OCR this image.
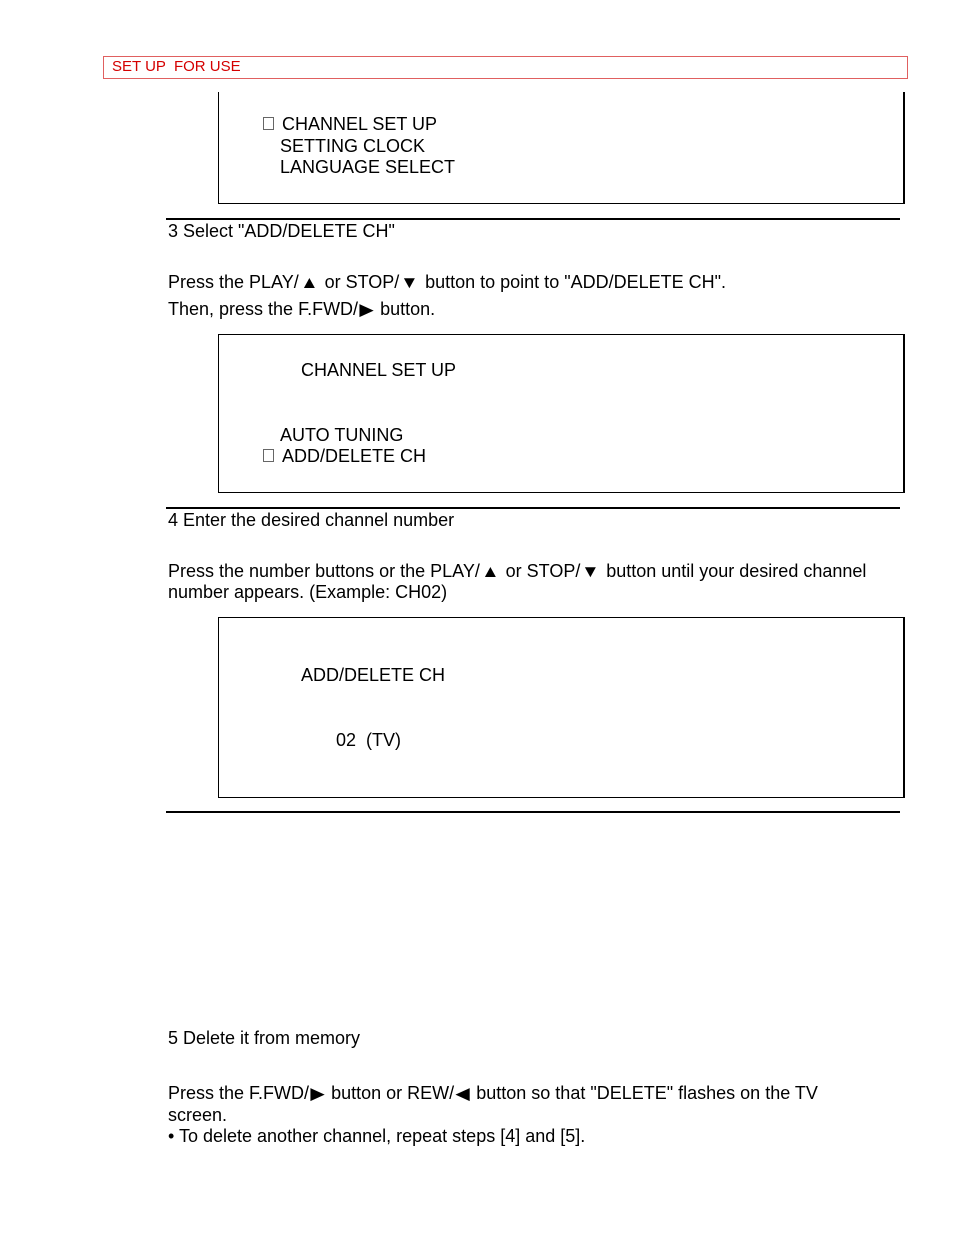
SET UP  FOR USE
CHANNEL SET UP
SETTING CLOCK
LANGUAGE SELECT
3 Select "ADD/DELETE CH"
Press the PLAY/▲ or STOP/▼ button to point to "ADD/DELETE CH".
Then, press the F.FWD/▶ button.
CHANNEL SET UP
AUTO TUNING
ADD/DELETE CH
4 Enter the desired channel number
Press the number buttons or the PLAY/▲ or STOP/▼ button until your desired channel
number appears. (Example: CH02)
ADD/DELETE CH
02  (TV)
5 Delete it from memory
Press the F.FWD/▶ button or REW/◀ button so that "DELETE" flashes on the TV
screen.
• To delete another channel, repeat steps [4] and [5].
